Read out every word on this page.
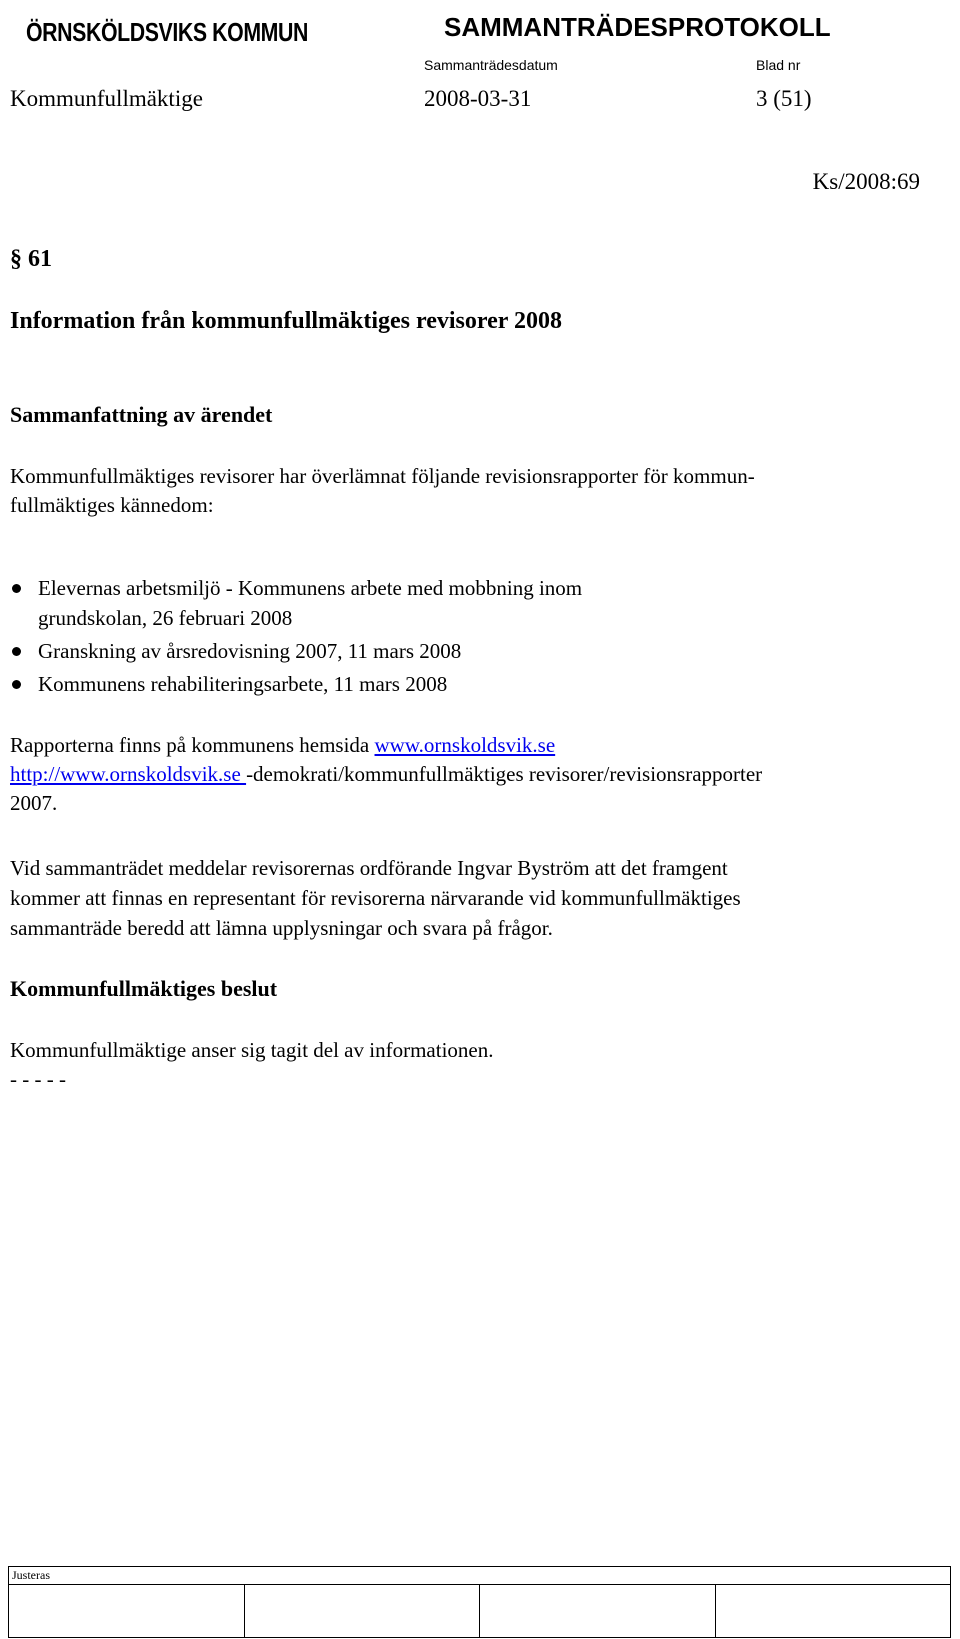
ÖRNSKÖLDSVIKS KOMMUN	SAMMANTRÄDESPROTOKOLL
Sammanträdesdatum	Blad nr
Kommunfullmäktige	2008-03-31	3 (51)
Ks/2008:69
§ 61
Information från kommunfullmäktiges revisorer 2008
Sammanfattning av ärendet
Kommunfullmäktiges revisorer har överlämnat följande revisionsrapporter för kommun-
fullmäktiges kännedom:
Elevernas arbetsmiljö - Kommunens arbete med mobbning inom grundskolan, 26 februari 2008
Granskning av årsredovisning 2007, 11 mars 2008
Kommunens rehabiliteringsarbete, 11 mars 2008
Rapporterna finns på kommunens hemsida www.ornskoldsvik.se
http://www.ornskoldsvik.se -demokrati/kommunfullmäktiges revisorer/revisionsrapporter
2007.
Vid sammanträdet meddelar revisorernas ordförande Ingvar Byström att det framgent
kommer att finnas en representant för revisorerna närvarande vid kommunfullmäktiges
sammanträde beredd att lämna upplysningar och svara på frågor.
Kommunfullmäktiges beslut
Kommunfullmäktige anser sig tagit del av informationen.
- - - - -
Justeras
